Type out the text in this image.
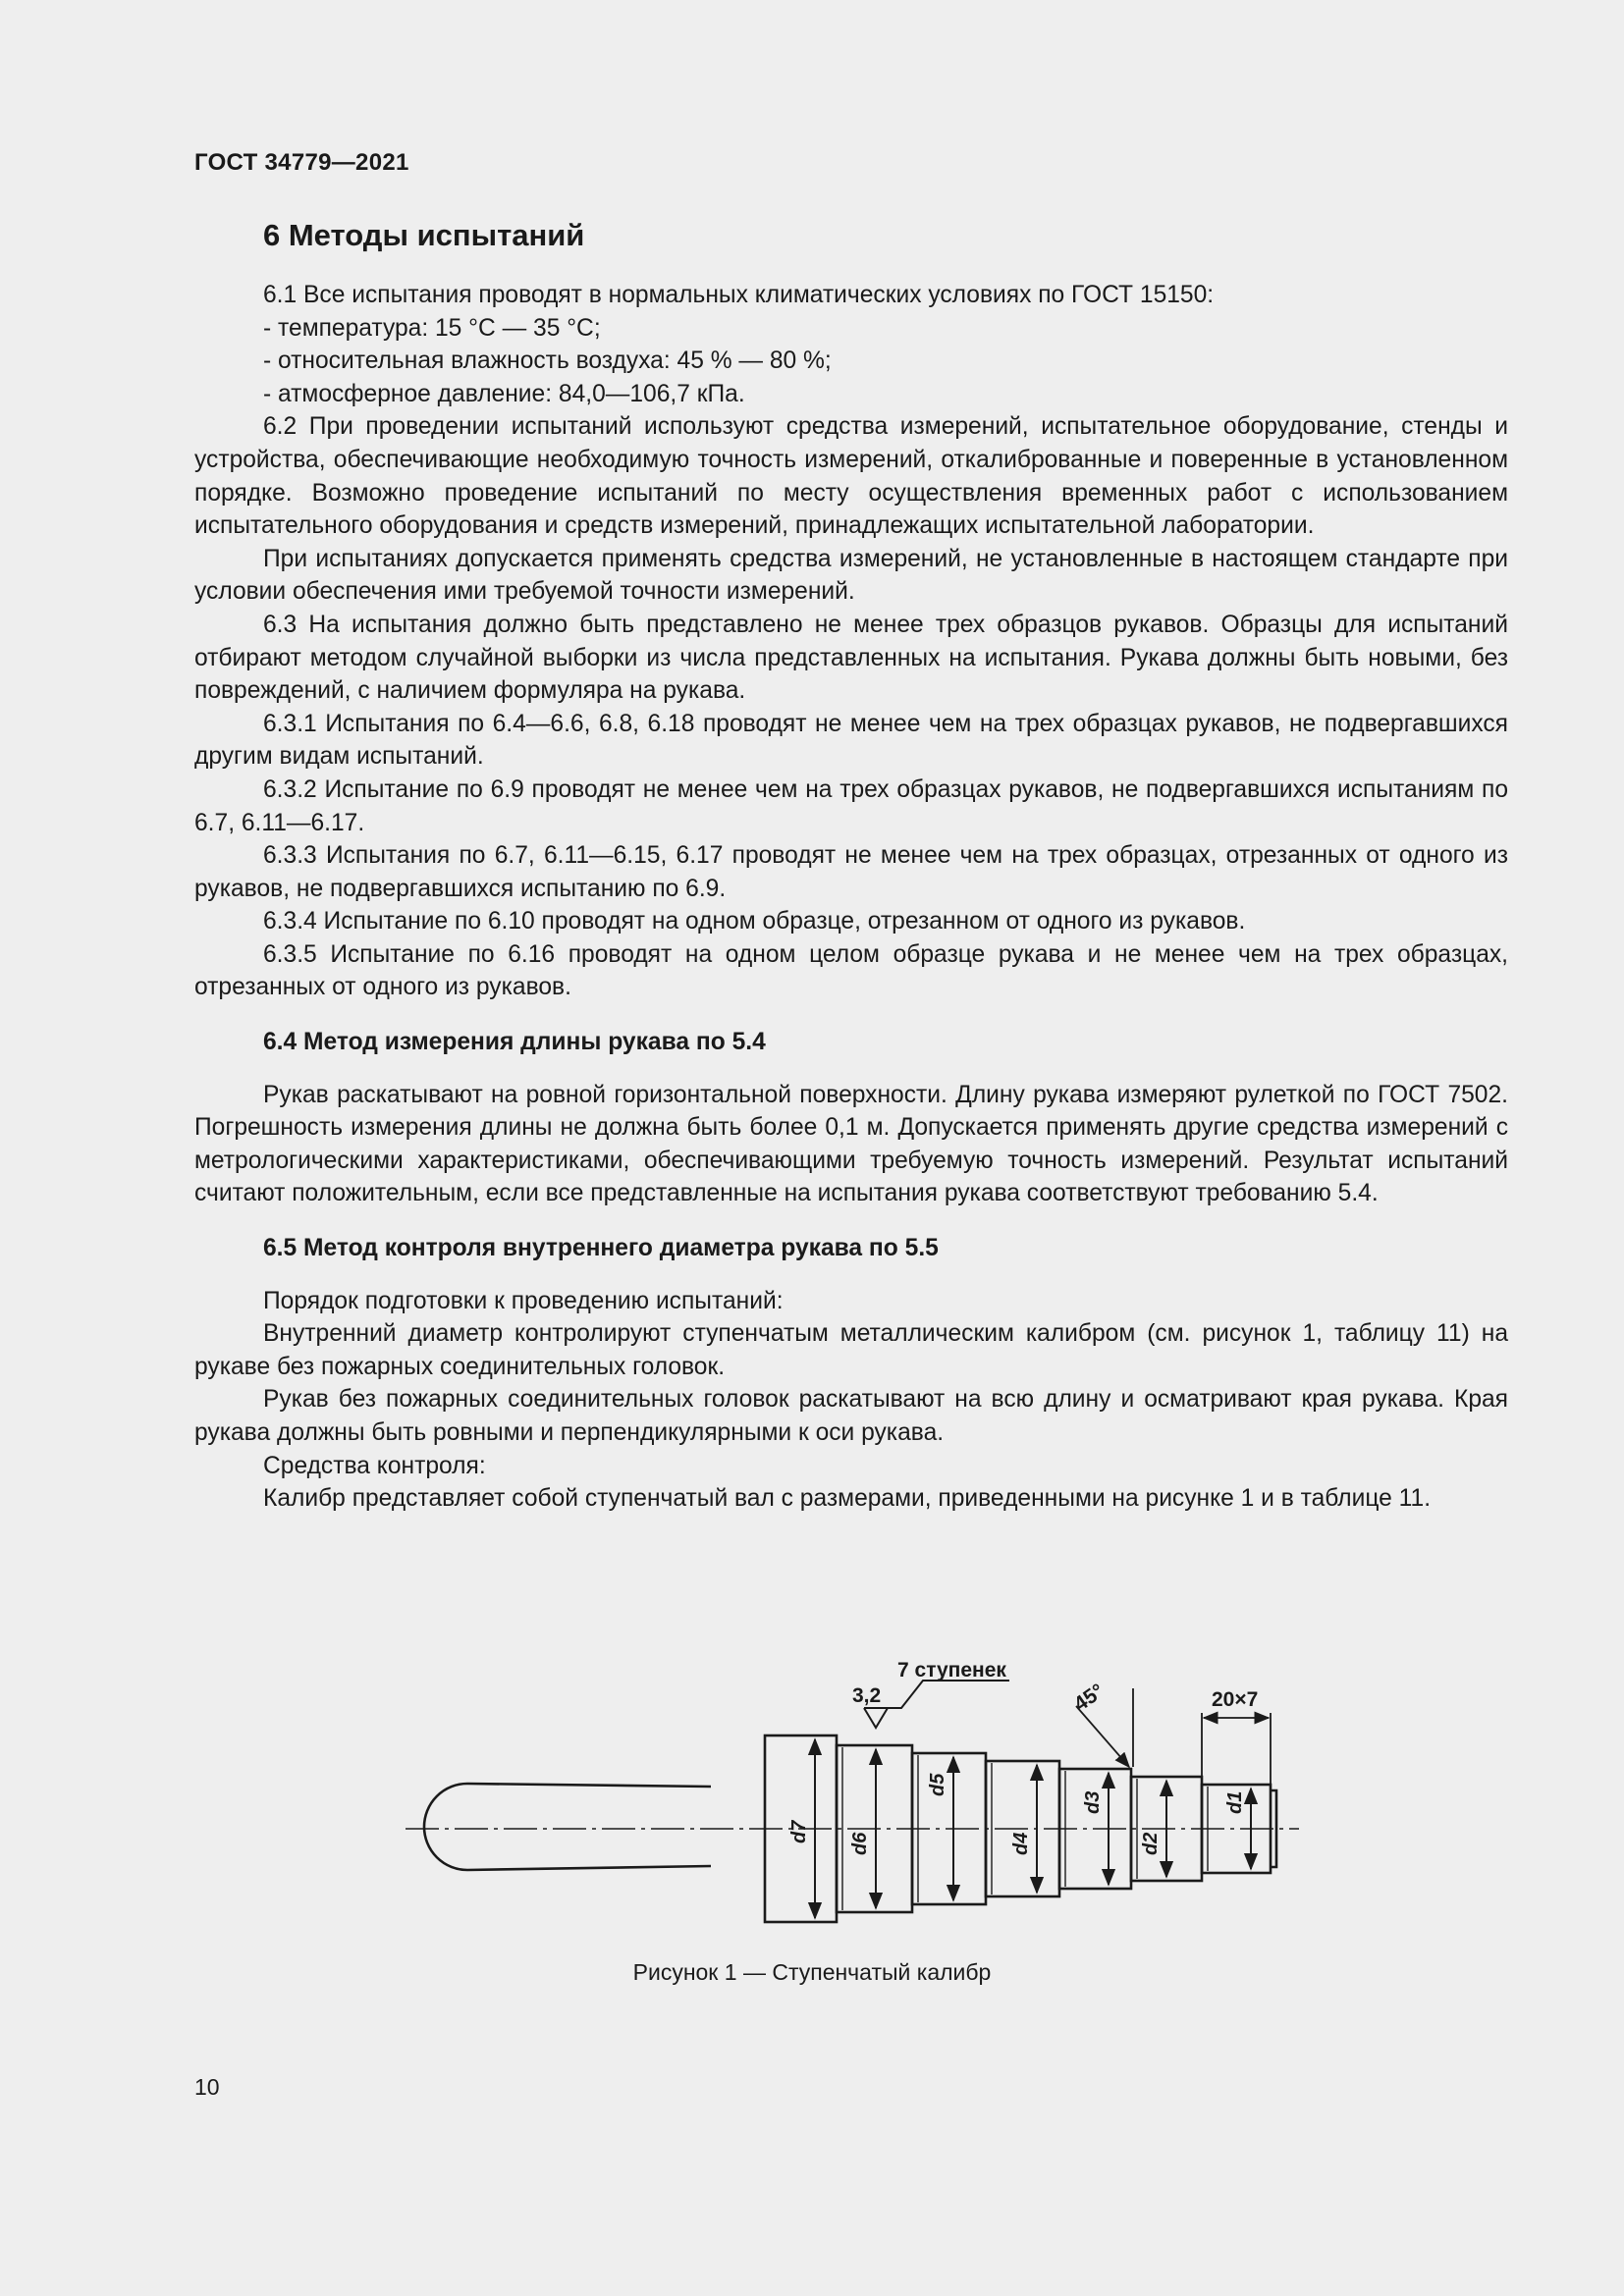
ГОСТ 34779—2021
6 Методы испытаний

6.1 Все испытания проводят в нормальных климатических условиях по ГОСТ 15150:

- температура: 15 °С — 35 °С;

- относительная влажность воздуха: 45 % — 80 %;

- атмосферное давление: 84,0—106,7 кПа.

6.2 При проведении испытаний используют средства измерений, испытательное оборудование, стенды и устройства, обеспечивающие необходимую точность измерений, откалиброванные и поверенные в установленном порядке. Возможно проведение испытаний по месту осуществления временных работ с использованием испытательного оборудования и средств измерений, принадлежащих испытательной лаборатории.

При испытаниях допускается применять средства измерений, не установленные в настоящем стандарте при условии обеспечения ими требуемой точности измерений.

6.3 На испытания должно быть представлено не менее трех образцов рукавов. Образцы для испытаний отбирают методом случайной выборки из числа представленных на испытания. Рукава должны быть новыми, без повреждений, с наличием формуляра на рукава.

6.3.1 Испытания по 6.4—6.6, 6.8, 6.18 проводят не менее чем на трех образцах рукавов, не подвергавшихся другим видам испытаний.

6.3.2 Испытание по 6.9 проводят не менее чем на трех образцах рукавов, не подвергавшихся испытаниям по 6.7, 6.11—6.17.

6.3.3 Испытания по 6.7, 6.11—6.15, 6.17 проводят не менее чем на трех образцах, отрезанных от одного из рукавов, не подвергавшихся испытанию по 6.9.

6.3.4 Испытание по 6.10 проводят на одном образце, отрезанном от одного из рукавов.

6.3.5 Испытание по 6.16 проводят на одном целом образце рукава и не менее чем на трех образцах, отрезанных от одного из рукавов.

6.4 Метод измерения длины рукава по 5.4

Рукав раскатывают на ровной горизонтальной поверхности. Длину рукава измеряют рулеткой по ГОСТ 7502. Погрешность измерения длины не должна быть более 0,1 м. Допускается применять другие средства измерений с метрологическими характеристиками, обеспечивающими требуемую точность измерений. Результат испытаний считают положительным, если все представленные на испытания рукава соответствуют требованию 5.4.

6.5 Метод контроля внутреннего диаметра рукава по 5.5

Порядок подготовки к проведению испытаний:

Внутренний диаметр контролируют ступенчатым металлическим калибром (см. рисунок 1, таблицу 11) на рукаве без пожарных соединительных головок.

Рукав без пожарных соединительных головок раскатывают на всю длину и осматривают края рукава. Края рукава должны быть ровными и перпендикулярными к оси рукава.

Средства контроля:

Калибр представляет собой ступенчатый вал с размерами, приведенными на рисунке 1 и в таблице 11.

7 ступенек
3,2	45°	20×7
d7
d6
d5
d4
d3
d2
d1
Рисунок 1 — Ступенчатый калибр
10
